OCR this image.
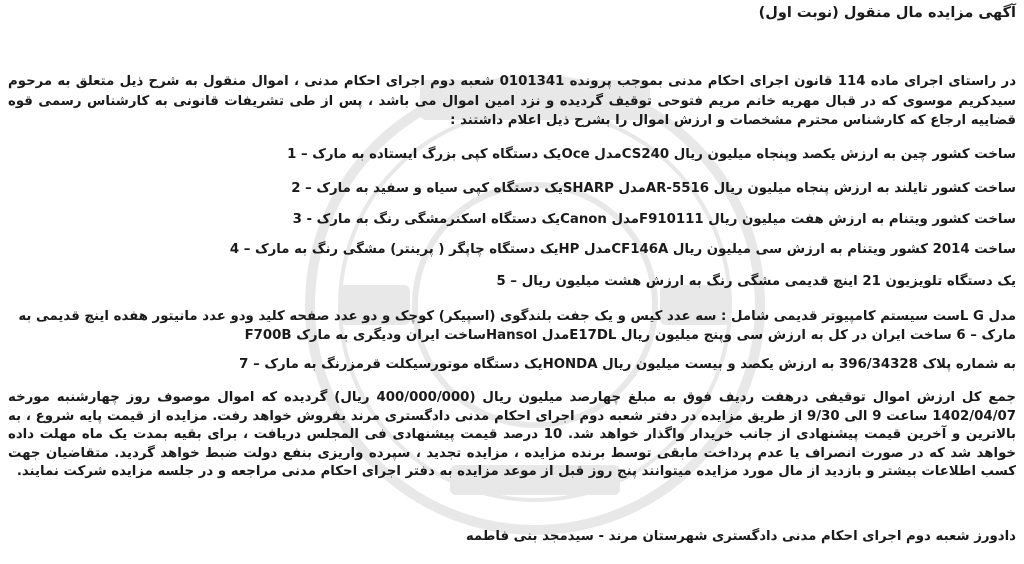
آگهی مزایده مال منقول (نوبت اول)
در راستای اجرای ماده 114 قانون اجرای احکام مدنی بموجب پرونده 0101341 شعبه دوم اجرای احکام مدنی ، اموال منقول به شرح ذیل متعلق به مرحوم سیدکریم موسوی که در قبال مهریه خانم مریم فتوحی توقیف گردیده و نزد امین اموال می باشد ، پس از طی تشریفات قانونی به کارشناس رسمی قوه قضاییه ارجاع که کارشناس محترم مشخصات و ارزش اموال را بشرح ذیل اعلام داشتند :
ساخت کشور چین به ارزش یکصد وپنجاه میلیون ریال CS240مدل Oceیک دستگاه کپی بزرگ ایستاده به مارک – 1
ساخت کشور تایلند به ارزش پنجاه میلیون ریال AR-5516مدل SHARPیک دستگاه کپی سیاه و سفید به مارک – 2
ساخت کشور ویتنام به ارزش هفت میلیون ریال F910111مدل Canonیک دستگاه اسکنرمشگی رنگ به مارک - 3
ساخت 2014 کشور ویتنام به ارزش سی میلیون ریال CF146Aمدل HPیک دستگاه چاپگر ( پرینتر) مشگی رنگ به مارک – 4
یک دستگاه تلویزیون 21 اینچ قدیمی مشگی رنگ به ارزش هشت میلیون ریال – 5
مدل L Gست سیستم کامپیوتر قدیمی شامل : سه عدد کیس و یک جفت بلندگوی (اسپیکر) کوچک و دو عدد صفحه کلید ودو عدد مانیتور هفده اینچ قدیمی به مارک – 6 ساخت ایران در کل به ارزش سی وپنج میلیون ریال E17DLمدل Hansolساخت ایران ودیگری به مارک F700B
به شماره پلاک 396/34328 به ارزش یکصد و بیست میلیون ریال HONDAیک دستگاه موتورسیکلت قرمزرنگ به مارک – 7
جمع کل ارزش اموال توقیفی درهفت ردیف فوق به مبلغ چهارصد میلیون ریال (400/000/000 ریال) گردیده که اموال موصوف روز چهارشنبه مورخه 1402/04/07 ساعت 9 الی 9/30 از طریق مزایده در دفتر شعبه دوم اجرای احکام مدنی دادگستری مرند بفروش خواهد رفت. مزایده از قیمت پایه شروع ، به بالاترین و آخرین قیمت پیشنهادی از جانب خریدار واگذار خواهد شد. 10 درصد قیمت پیشنهادی فی المجلس دریافت ، برای بقیه بمدت یک ماه مهلت داده خواهد شد که در صورت انصراف یا عدم پرداخت مابقی توسط برنده مزایده ، مزایده تجدید ، سپرده واریزی بنفع دولت ضبط خواهد گردید. متقاضیان جهت کسب اطلاعات بیشتر و بازدید از مال مورد مزایده میتوانند پنج روز قبل از موعد مزایده به دفتر اجرای احکام مدنی مراجعه و در جلسه مزایده شرکت نمایند.
دادورز شعبه دوم اجرای احکام مدنی دادگستری شهرستان مرند - سیدمجد بنی فاطمه
